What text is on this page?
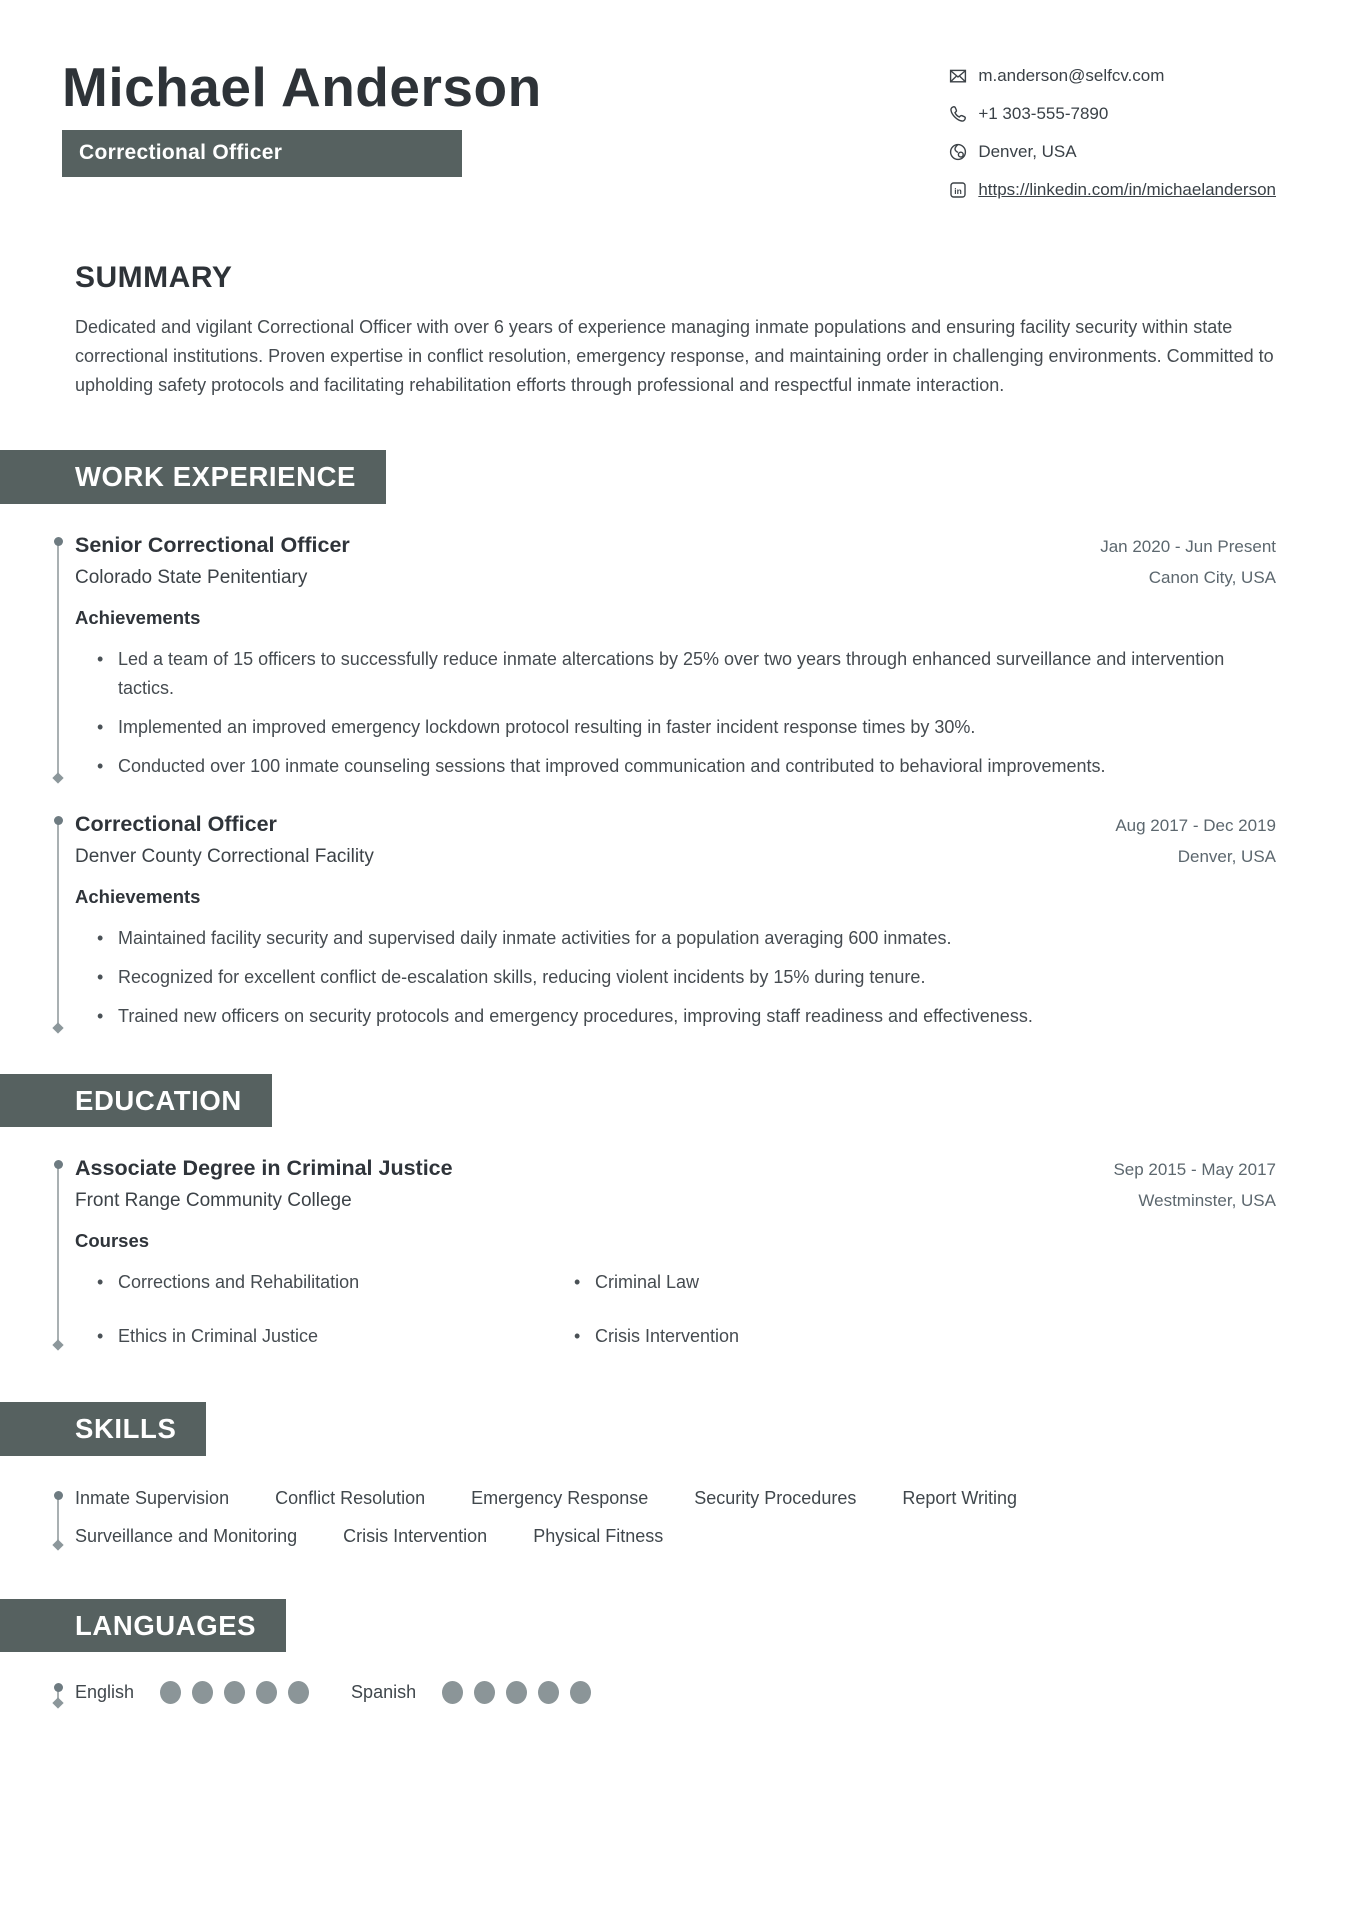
Michael Anderson
Correctional Officer
m.anderson@selfcv.com
+1 303-555-7890
Denver, USA
in https://linkedin.com/in/michaelanderson
SUMMARY

Dedicated and vigilant Correctional Officer with over 6 years of experience managing inmate populations and ensuring facility security within state correctional institutions. Proven expertise in conflict resolution, emergency response, and maintaining order in challenging environments. Committed to upholding safety protocols and facilitating rehabilitation efforts through professional and respectful inmate interaction.

WORK EXPERIENCE
Senior Correctional Officer	Jan 2020 - Jun Present
Colorado State Penitentiary	Canon City, USA
Achievements
• Led a team of 15 officers to successfully reduce inmate altercations by 25% over two years through enhanced surveillance and intervention tactics.
• Implemented an improved emergency lockdown protocol resulting in faster incident response times by 30%.
• Conducted over 100 inmate counseling sessions that improved communication and contributed to behavioral improvements.
Correctional Officer	Aug 2017 - Dec 2019
Denver County Correctional Facility	Denver, USA
Achievements
• Maintained facility security and supervised daily inmate activities for a population averaging 600 inmates.
• Recognized for excellent conflict de-escalation skills, reducing violent incidents by 15% during tenure.
• Trained new officers on security protocols and emergency procedures, improving staff readiness and effectiveness.
EDUCATION
Associate Degree in Criminal Justice	Sep 2015 - May 2017
Front Range Community College	Westminster, USA
Courses
• Corrections and Rehabilitation	• Criminal Law
• Ethics in Criminal Justice	• Crisis Intervention
SKILLS
Inmate Supervision	Conflict Resolution	Emergency Response	Security Procedures	Report Writing
Surveillance and Monitoring	Crisis Intervention	Physical Fitness
LANGUAGES
English	Spanish
